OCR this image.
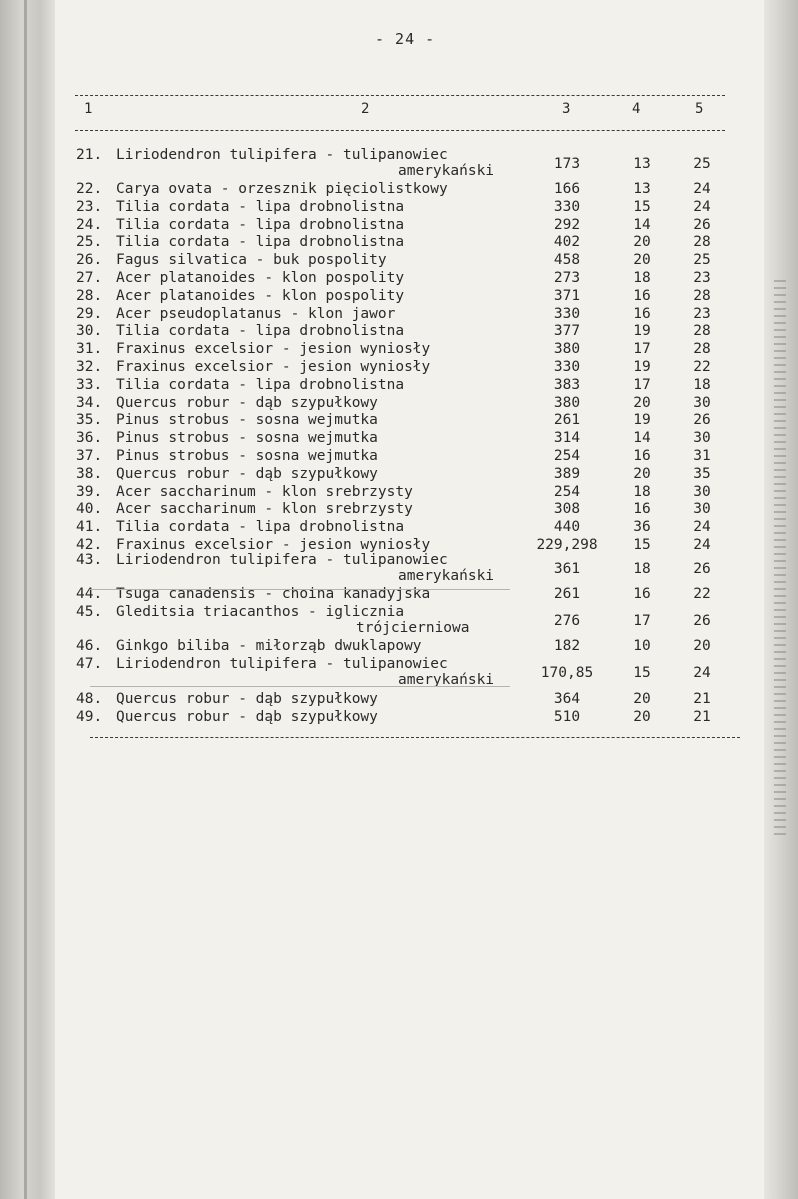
- 24 -
1	2	3	4	5
21. Liriodendron tulipifera - tulipanowiec
amerykański	173	13	25
22. Carya ovata - orzesznik pięciolistkowy	166	13	24
23. Tilia cordata - lipa drobnolistna	330	15	24
24. Tilia cordata - lipa drobnolistna	292	14	26
25. Tilia cordata - lipa drobnolistna	402	20	28
26. Fagus silvatica - buk pospolity	458	20	25
27. Acer platanoides - klon pospolity	273	18	23
28. Acer platanoides - klon pospolity	371	16	28
29. Acer pseudoplatanus - klon jawor	330	16	23
30. Tilia cordata - lipa drobnolistna	377	19	28
31. Fraxinus excelsior - jesion wyniosły	380	17	28
32. Fraxinus excelsior - jesion wyniosły	330	19	22
33. Tilia cordata - lipa drobnolistna	383	17	18
34. Quercus robur - dąb szypułkowy	380	20	30
35. Pinus strobus - sosna wejmutka	261	19	26
36. Pinus strobus - sosna wejmutka	314	14	30
37. Pinus strobus - sosna wejmutka	254	16	31
38. Quercus robur - dąb szypułkowy	389	20	35
39. Acer saccharinum - klon srebrzysty	254	18	30
40. Acer saccharinum - klon srebrzysty	308	16	30
41. Tilia cordata - lipa drobnolistna	440	36	24
42. Fraxinus excelsior - jesion wyniosły	229,298	15	24
43. Liriodendron tulipifera - tulipanowiec
amerykański	361	18	26
44. Tsuga canadensis - choina kanadyjska	261	16	22
45. Gleditsia triacanthos - iglicznia
trójcierniowa	276	17	26
46. Ginkgo biliba - miłorząb dwuklapowy	182	10	20
47. Liriodendron tulipifera - tulipanowiec
amerykański	170,85	15	24
48. Quercus robur - dąb szypułkowy	364	20	21
49. Quercus robur - dąb szypułkowy	510	20	21
